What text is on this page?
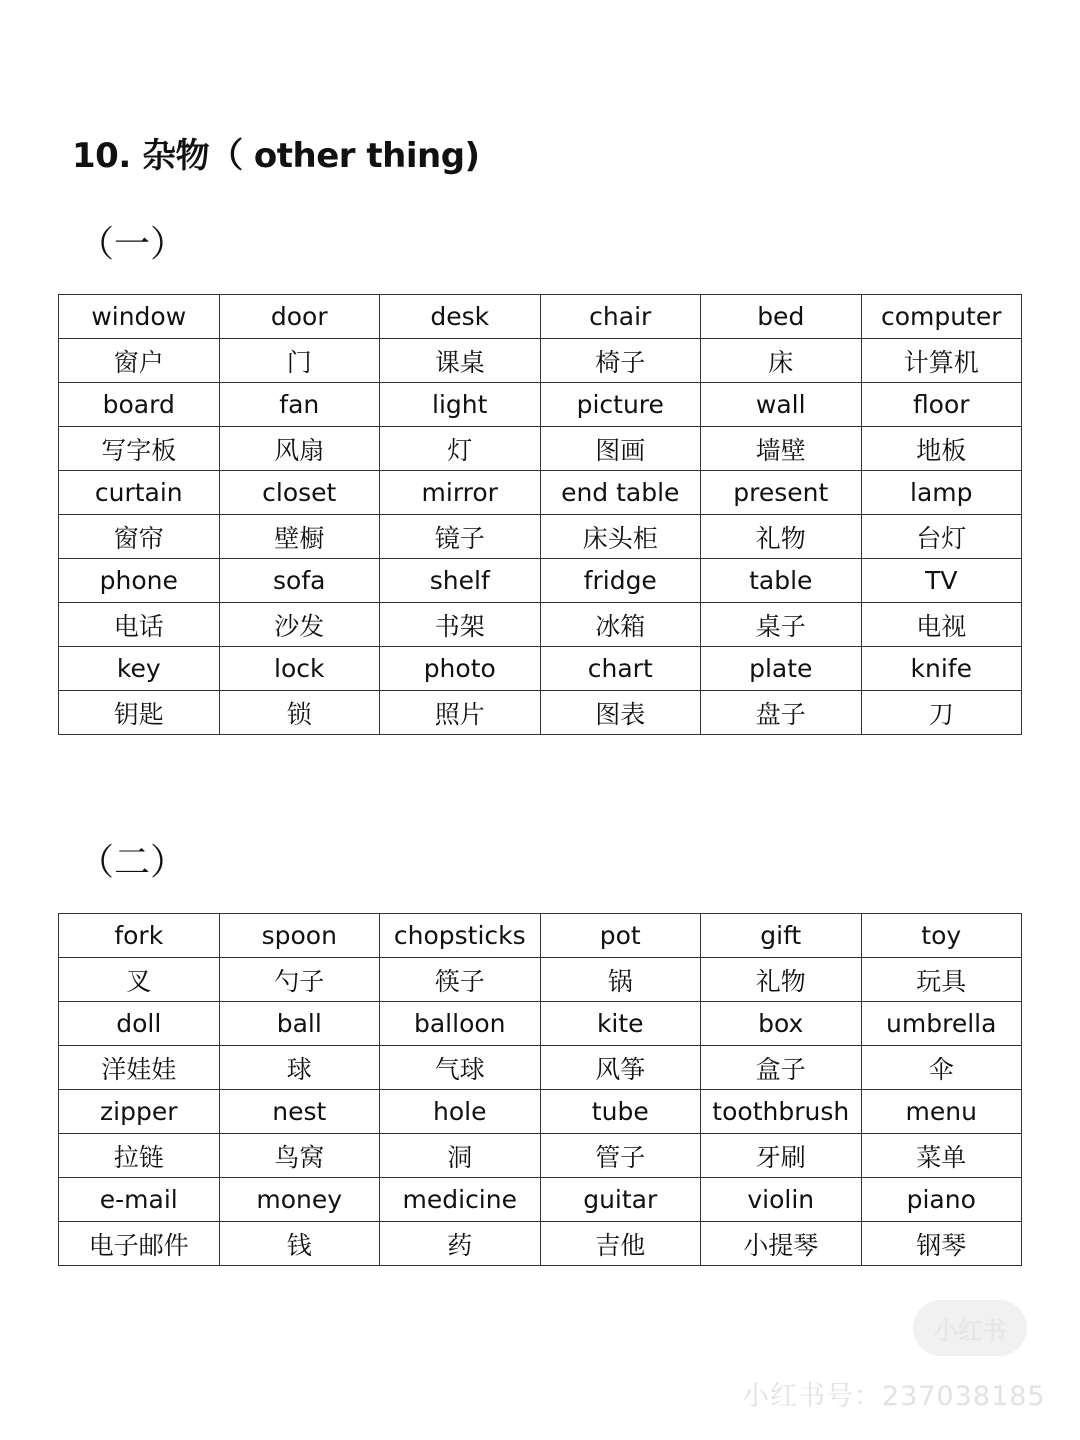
10. 杂物（ other thing)
（一）
window	door	desk	chair	bed	computer
窗户	门	课桌	椅子	床	计算机
board	fan	light	picture	wall	floor
写字板	风扇	灯	图画	墙壁	地板
curtain	closet	mirror	end table	present	lamp
窗帘	壁橱	镜子	床头柜	礼物	台灯
phone	sofa	shelf	fridge	table	TV
电话	沙发	书架	冰箱	桌子	电视
key	lock	photo	chart	plate	knife
钥匙	锁	照片	图表	盘子	刀
（二）
fork	spoon	chopsticks	pot	gift	toy
叉	勺子	筷子	锅	礼物	玩具
doll	ball	balloon	kite	box	umbrella
洋娃娃	球	气球	风筝	盒子	伞
zipper	nest	hole	tube	toothbrush	menu
拉链	鸟窝	洞	管子	牙刷	菜单
e-mail	money	medicine	guitar	violin	piano
电子邮件	钱	药	吉他	小提琴	钢琴
小红书
小红书号：237038185
